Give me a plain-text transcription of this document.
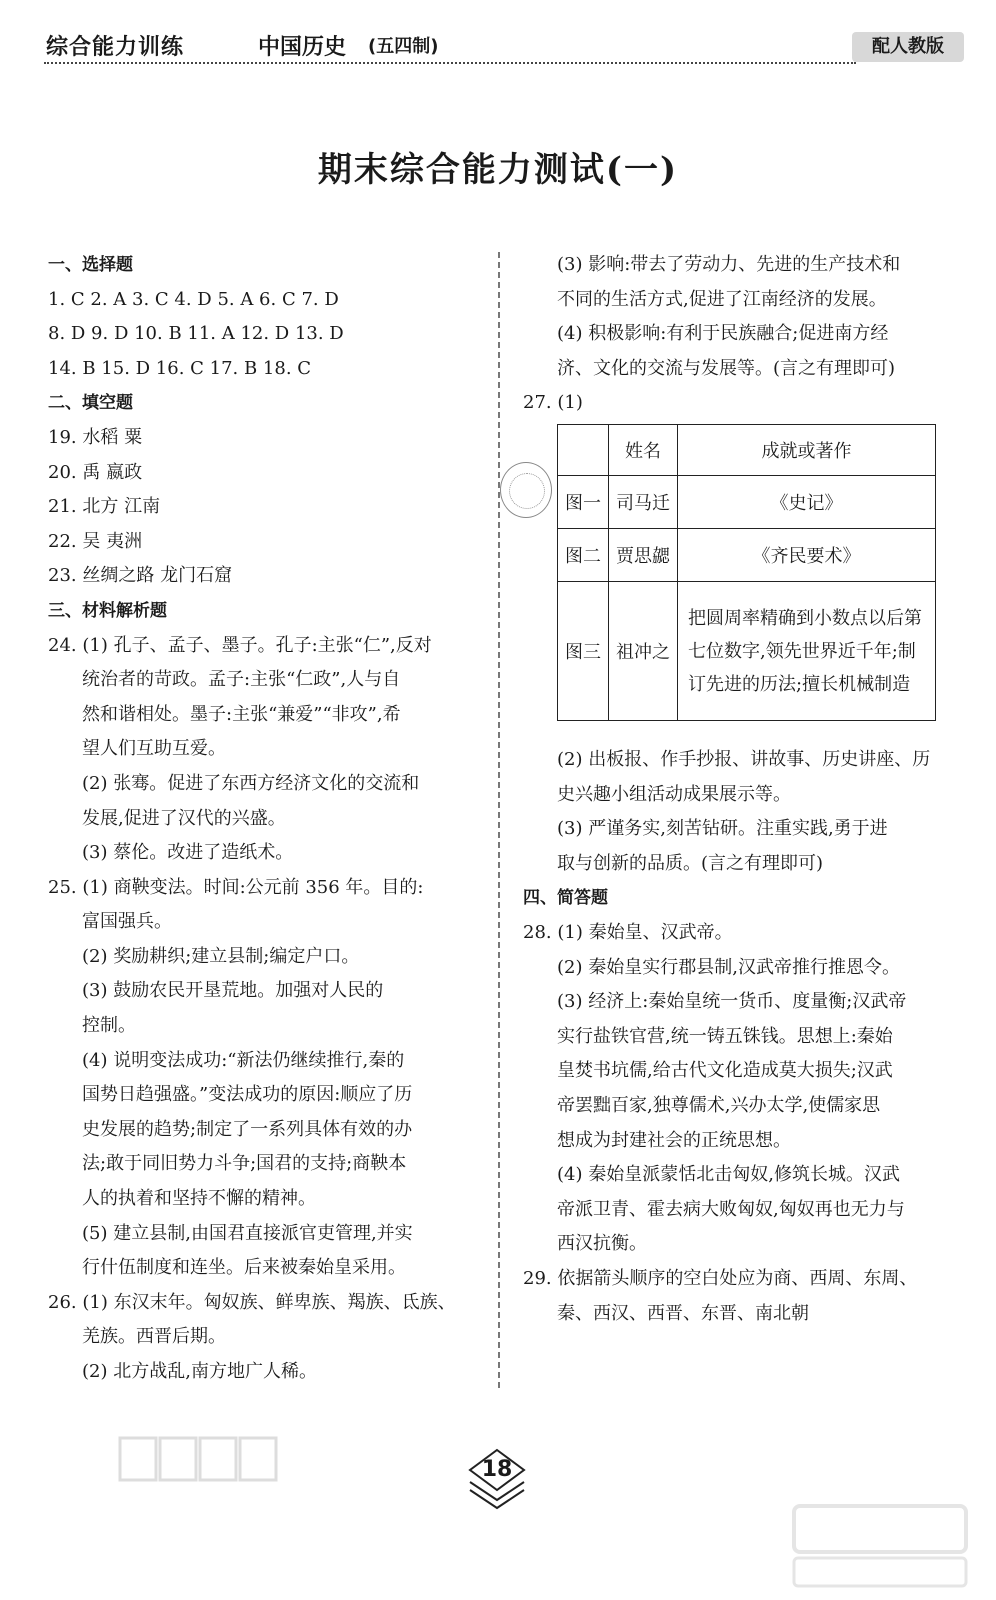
综合能力训练	中国历史 (五四制)	配人教版
期末综合能力测试(一)
一、选择题
1. C 2. A 3. C 4. D 5. A 6. C 7. D
8. D 9. D 10. B 11. A 12. D 13. D
14. B 15. D 16. C 17. B 18. C
二、填空题
19. 水稻 粟
20. 禹 嬴政
21. 北方 江南
22. 吴 夷洲
23. 丝绸之路 龙门石窟
三、材料解析题
24. (1) 孔子、孟子、墨子。孔子:主张“仁”,反对
统治者的苛政。孟子:主张“仁政”,人与自
然和谐相处。墨子:主张“兼爱”“非攻”,希
望人们互助互爱。
(2) 张骞。促进了东西方经济文化的交流和
发展,促进了汉代的兴盛。
(3) 蔡伦。改进了造纸术。
25. (1) 商鞅变法。时间:公元前 356 年。目的:
富国强兵。
(2) 奖励耕织;建立县制;编定户口。
(3) 鼓励农民开垦荒地。加强对人民的
控制。
(4) 说明变法成功:“新法仍继续推行,秦的
国势日趋强盛。”变法成功的原因:顺应了历
史发展的趋势;制定了一系列具体有效的办
法;敢于同旧势力斗争;国君的支持;商鞅本
人的执着和坚持不懈的精神。
(5) 建立县制,由国君直接派官吏管理,并实
行什伍制度和连坐。后来被秦始皇采用。
26. (1) 东汉末年。匈奴族、鲜卑族、羯族、氐族、
羌族。西晋后期。
(2) 北方战乱,南方地广人稀。
(3) 影响:带去了劳动力、先进的生产技术和
不同的生活方式,促进了江南经济的发展。
(4) 积极影响:有利于民族融合;促进南方经
济、文化的交流与发展等。(言之有理即可)
27. (1)
	姓名	成就或著作
图一	司马迁	《史记》
图二	贾思勰	《齐民要术》
图三	祖冲之	把圆周率精确到小数点以后第七位数字,领先世界近千年;制订先进的历法;擅长机械制造
(2) 出板报、作手抄报、讲故事、历史讲座、历
史兴趣小组活动成果展示等。
(3) 严谨务实,刻苦钻研。注重实践,勇于进
取与创新的品质。(言之有理即可)
四、简答题
28. (1) 秦始皇、汉武帝。
(2) 秦始皇实行郡县制,汉武帝推行推恩令。
(3) 经济上:秦始皇统一货币、度量衡;汉武帝
实行盐铁官营,统一铸五铢钱。思想上:秦始
皇焚书坑儒,给古代文化造成莫大损失;汉武
帝罢黜百家,独尊儒术,兴办太学,使儒家思
想成为封建社会的正统思想。
(4) 秦始皇派蒙恬北击匈奴,修筑长城。汉武
帝派卫青、霍去病大败匈奴,匈奴再也无力与
西汉抗衡。
29. 依据箭头顺序的空白处应为商、西周、东周、
秦、西汉、西晋、东晋、南北朝
18
